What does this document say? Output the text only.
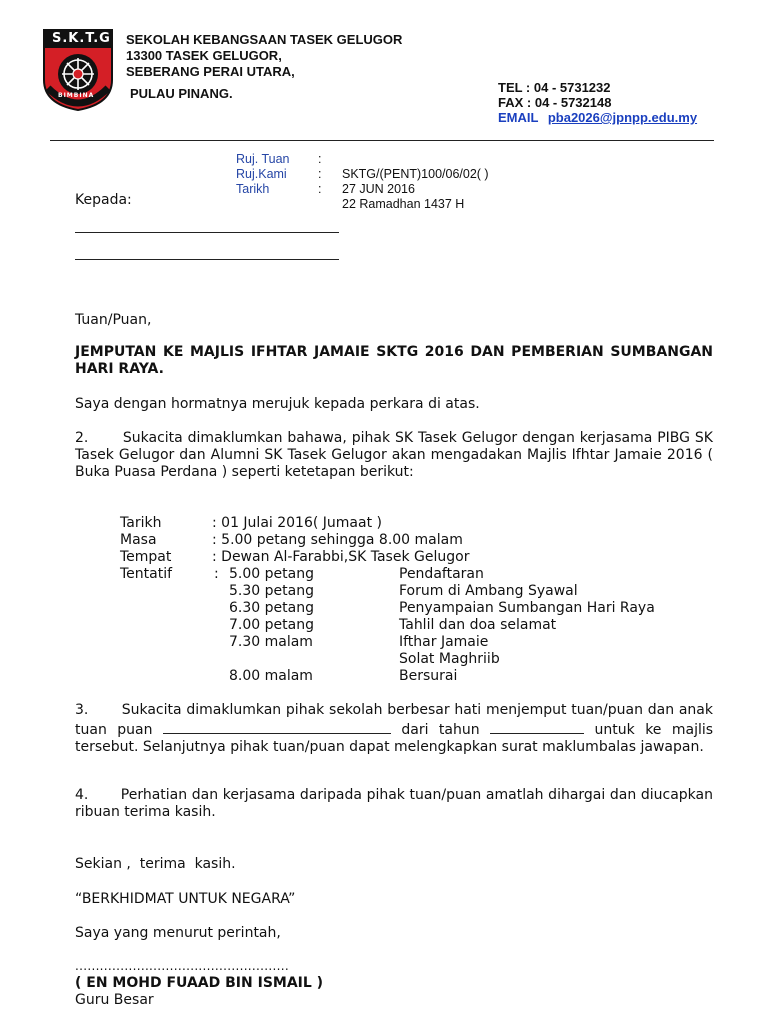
S.K.T.G
BIMBINA
SEKOLAH KEBANGSAAN TASEK GELUGOR
13300 TASEK GELUGOR,
SEBERANG PERAI UTARA,
PULAU PINANG.	TEL : 04 - 5731232
FAX : 04 - 5732148
EMAIL pba2026@jpnpp.edu.my
Ruj. Tuan :
Ruj.Kami	: SKTG/(PENT)100/06/02( )
Tarikh	: 27 JUN 2016
22 Ramadhan 1437 H
Kepada:
Tuan/Puan,
JEMPUTAN KE MAJLIS IFHTAR JAMAIE SKTG 2016 DAN PEMBERIAN SUMBANGAN HARI RAYA.
Saya dengan hormatnya merujuk kepada perkara di atas.
2.       Sukacita dimaklumkan bahawa, pihak SK Tasek Gelugor dengan kerjasama PIBG SK Tasek Gelugor dan Alumni SK Tasek Gelugor akan mengadakan Majlis Ifhtar Jamaie 2016 ( Buka Puasa Perdana ) seperti ketetapan berikut:
Tarikh	: 01 Julai 2016( Jumaat )
Masa	: 5.00 petang sehingga 8.00 malam
Tempat	: Dewan Al-Farabbi,SK Tasek Gelugor
Tentatif	: 5.00 petang	Pendaftaran
5.30 petang	Forum di Ambang Syawal
6.30 petang	Penyampaian Sumbangan Hari Raya
7.00 petang	Tahlil dan doa selamat
7.30 malam	Ifthar Jamaie
Solat Maghriib
8.00 malam	Bersurai
3.       Sukacita dimaklumkan pihak sekolah berbesar hati menjemput tuan/puan dan anak tuan puan	dari tahun	untuk ke majlis tersebut. Selanjutnya pihak tuan/puan dapat melengkapkan surat maklumbalas jawapan.
4.       Perhatian dan kerjasama daripada pihak tuan/puan amatlah dihargai dan diucapkan ribuan terima kasih.
Sekian ,  terima  kasih.
“BERKHIDMAT UNTUK NEGARA”
Saya yang menurut perintah,
....................................................
( EN MOHD FUAAD BIN ISMAIL )
Guru Besar
